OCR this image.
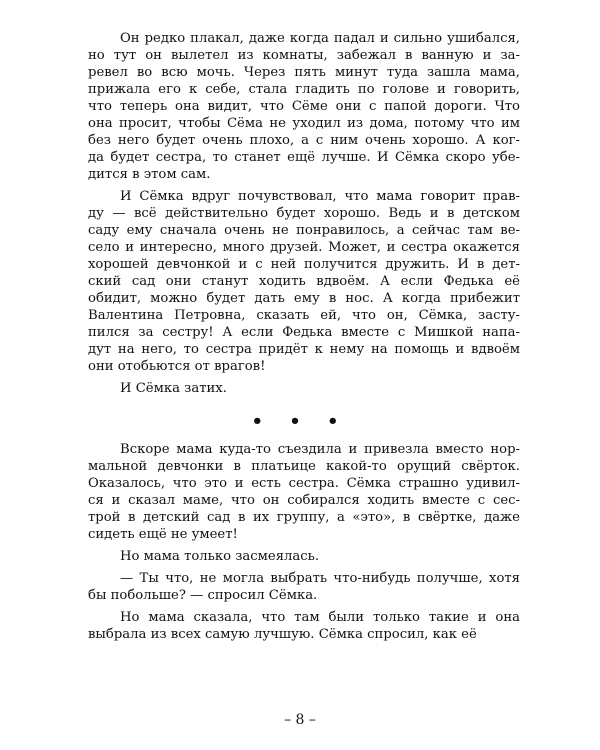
Он редко плакал, даже когда падал и сильно ушибался,
но тут он вылетел из комнаты, забежал в ванную и за-
ревел во всю мочь. Через пять минут туда зашла мама,
прижала его к себе, стала гладить по голове и говорить,
что теперь она видит, что Сёме они с папой дороги. Что
она просит, чтобы Сёма не уходил из дома, потому что им
без него будет очень плохо, а с ним очень хорошо. А ког-
да будет сестра, то станет ещё лучше. И Сёмка скоро убе-
дится в этом сам.
И Сёмка вдруг почувствовал, что мама говорит прав-
ду — всё действительно будет хорошо. Ведь и в детском
саду ему сначала очень не понравилось, а сейчас там ве-
село и интересно, много друзей. Может, и сестра окажется
хорошей девчонкой и с ней получится дружить. И в дет-
ский сад они станут ходить вдвоём. А если Федька её
обидит, можно будет дать ему в нос. А когда прибежит
Валентина Петровна, сказать ей, что он, Сёмка, засту-
пился за сестру! А если Федька вместе с Мишкой напа-
дут на него, то сестра придёт к нему на помощь и вдвоём
они отобьются от врагов!
И Сёмка затих.
• • •
Вскоре мама куда-то съездила и привезла вместо нор-
мальной девчонки в платьице какой-то орущий свёрток.
Оказалось, что это и есть сестра. Сёмка страшно удивил-
ся и сказал маме, что он собирался ходить вместе с сес-
трой в детский сад в их группу, а «это», в свёртке, даже
сидеть ещё не умеет!
Но мама только засмеялась.
— Ты что, не могла выбрать что-нибудь получше, хотя
бы побольше? — спросил Сёмка.
Но мама сказала, что там были только такие и она
выбрала из всех самую лучшую. Сёмка спросил, как её
– 8 –
